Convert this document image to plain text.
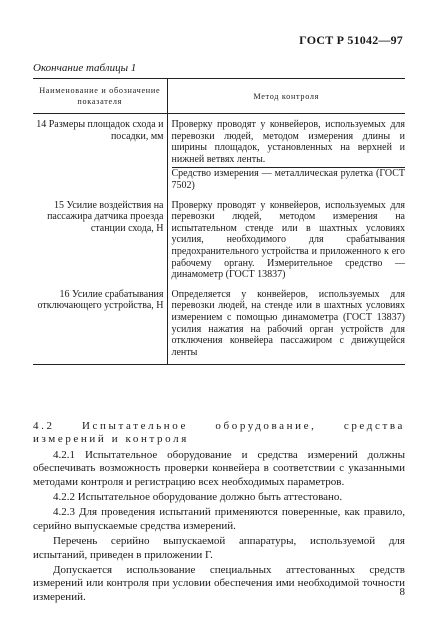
ГОСТ Р 51042—97
Окончание таблицы 1
Наименование и обозначение показателя	Метод контроля

14 Размеры площадок схода и посадки, мм	Проверку проводят у конвейеров, используемых для перевозки людей, методом измерения длины и ширины площадок, установленных на верхней и нижней ветвях ленты.
Средство измерения — металлическая рулетка (ГОСТ 7502)

15 Усилие воздействия на пассажира датчика проезда станции схода, Н	Проверку проводят у конвейеров, используемых для перевозки людей, методом измерения на испытательном стенде или в шахтных условиях усилия, необходимого для срабатывания предохранительного устройства и приложенного к его рабочему органу. Измерительное средство — динамометр (ГОСТ 13837)

16 Усилие срабатывания отключающего устройства, Н	Определяется у конвейеров, используемых для перевозки людей, на стенде или в шахтных условиях измерением с помощью динамометра (ГОСТ 13837) усилия нажатия на рабочий орган устройств для отключения конвейера пассажиром с движущейся ленты

4.2 Испытательное оборудование, средства измерений и контроля

4.2.1 Испытательное оборудование и средства измерений должны обеспечивать возможность проверки конвейера в соответствии с указанными методами контроля и регистрацию всех необходимых параметров.

4.2.2 Испытательное оборудование должно быть аттестовано.

4.2.3 Для проведения испытаний применяются поверенные, как правило, серийно выпускаемые средства измерений.

Перечень серийно выпускаемой аппаратуры, используемой для испытаний, приведен в приложении Г.

Допускается использование специальных аттестованных средств измерений или контроля при условии обеспечения ими необходимой точности измерений.	8
